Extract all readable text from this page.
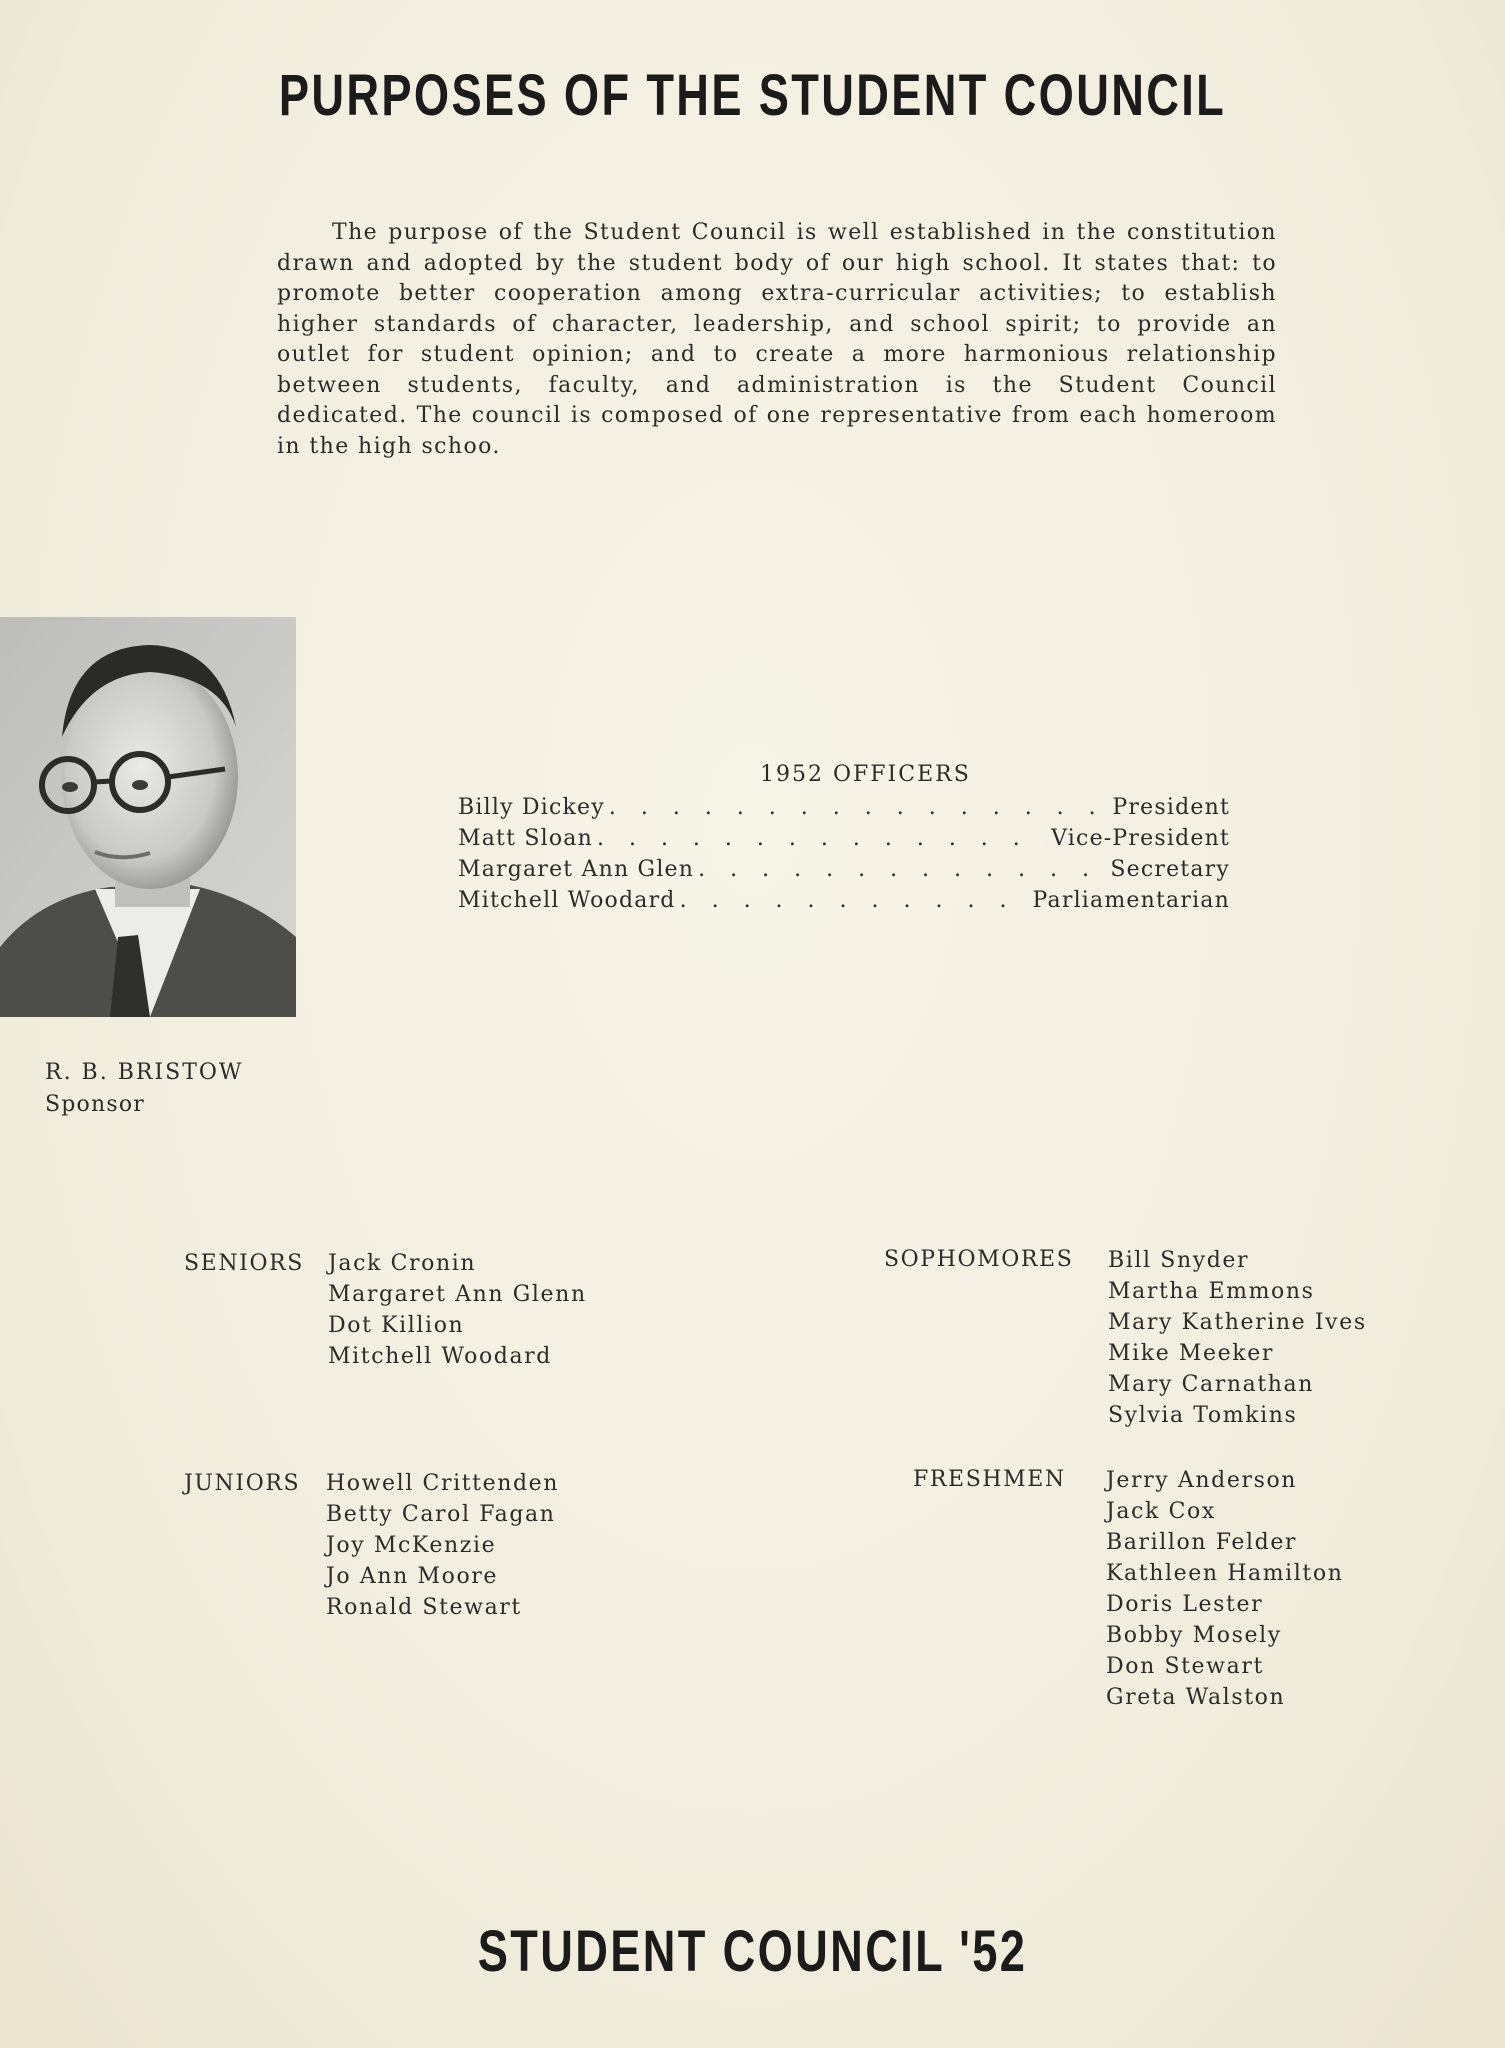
PURPOSES OF THE STUDENT COUNCIL

The purpose of the Student Council is well established in the constitution drawn and adopted by the student body of our high school. It states that: to promote better cooperation among extra-curricular activities; to establish higher standards of character, leadership, and school spirit; to provide an outlet for student opinion; and to create a more harmonious relationship between students, faculty, and administration is the Student Council dedicated. The council is composed of one representative from each homeroom in the high schoo.

R. B. BRISTOW
Sponsor
1952 OFFICERS
Billy Dickey . . .	President
Matt Sloan . . .	Vice-President
Margaret Ann Glen . . .	Secretary
Mitchell Woodard . . .	Parliamentarian
SENIORS Jack Cronin
Margaret Ann Glenn
Dot Killion
Mitchell Woodard
JUNIORS Howell Crittenden
Betty Carol Fagan
Joy McKenzie
Jo Ann Moore
Ronald Stewart
SOPHOMORES Bill Snyder
Martha Emmons
Mary Katherine Ives
Mike Meeker
Mary Carnathan
Sylvia Tomkins
FRESHMEN Jerry Anderson
Jack Cox
Barillon Felder
Kathleen Hamilton
Doris Lester
Bobby Mosely
Don Stewart
Greta Walston
STUDENT COUNCIL '52
